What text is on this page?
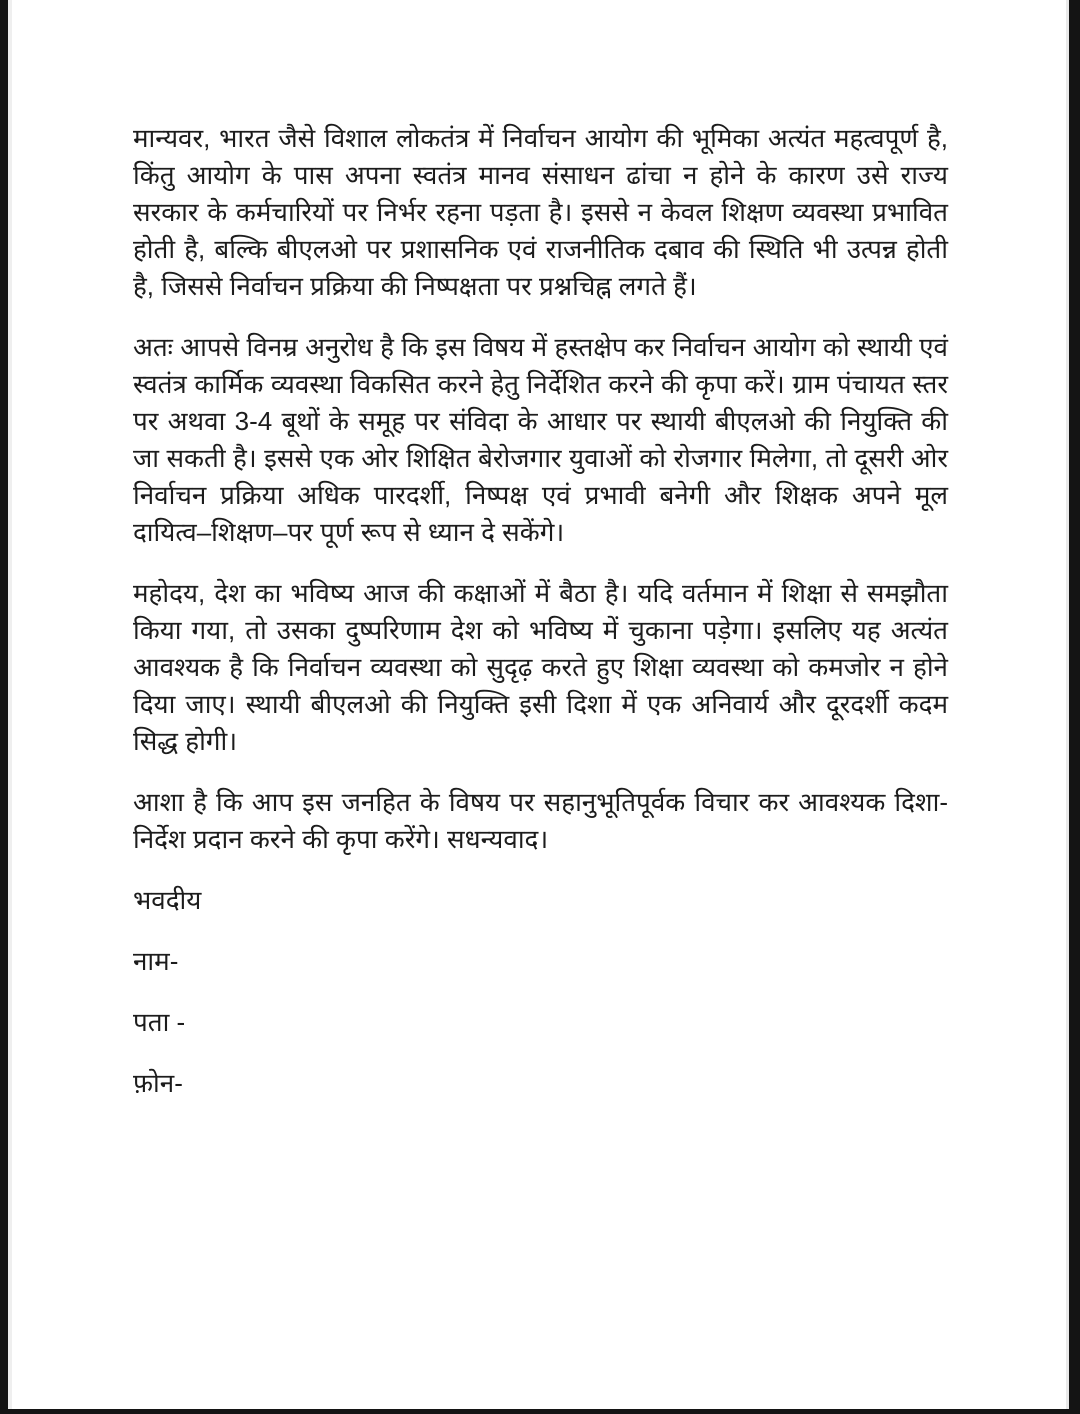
मान्यवर, भारत जैसे विशाल लोकतंत्र में निर्वाचन आयोग की भूमिका अत्यंत महत्वपूर्ण है, किंतु आयोग के पास अपना स्वतंत्र मानव संसाधन ढांचा न होने के कारण उसे राज्य सरकार के कर्मचारियों पर निर्भर रहना पड़ता है। इससे न केवल शिक्षण व्यवस्था प्रभावित होती है, बल्कि बीएलओ पर प्रशासनिक एवं राजनीतिक दबाव की स्थिति भी उत्पन्न होती है, जिससे निर्वाचन प्रक्रिया की निष्पक्षता पर प्रश्नचिह्न लगते हैं।

अतः आपसे विनम्र अनुरोध है कि इस विषय में हस्तक्षेप कर निर्वाचन आयोग को स्थायी एवं स्वतंत्र कार्मिक व्यवस्था विकसित करने हेतु निर्देशित करने की कृपा करें। ग्राम पंचायत स्तर पर अथवा 3-4 बूथों के समूह पर संविदा के आधार पर स्थायी बीएलओ की नियुक्ति की जा सकती है। इससे एक ओर शिक्षित बेरोजगार युवाओं को रोजगार मिलेगा, तो दूसरी ओर निर्वाचन प्रक्रिया अधिक पारदर्शी, निष्पक्ष एवं प्रभावी बनेगी और शिक्षक अपने मूल दायित्व–शिक्षण–पर पूर्ण रूप से ध्यान दे सकेंगे।

महोदय, देश का भविष्य आज की कक्षाओं में बैठा है। यदि वर्तमान में शिक्षा से समझौता किया गया, तो उसका दुष्परिणाम देश को भविष्य में चुकाना पड़ेगा। इसलिए यह अत्यंत आवश्यक है कि निर्वाचन व्यवस्था को सुदृढ़ करते हुए शिक्षा व्यवस्था को कमजोर न होने दिया जाए। स्थायी बीएलओ की नियुक्ति इसी दिशा में एक अनिवार्य और दूरदर्शी कदम सिद्ध होगी।

आशा है कि आप इस जनहित के विषय पर सहानुभूतिपूर्वक विचार कर आवश्यक दिशा-निर्देश प्रदान करने की कृपा करेंगे। सधन्यवाद।

भवदीय

नाम-

पता -

फ़ोन-
